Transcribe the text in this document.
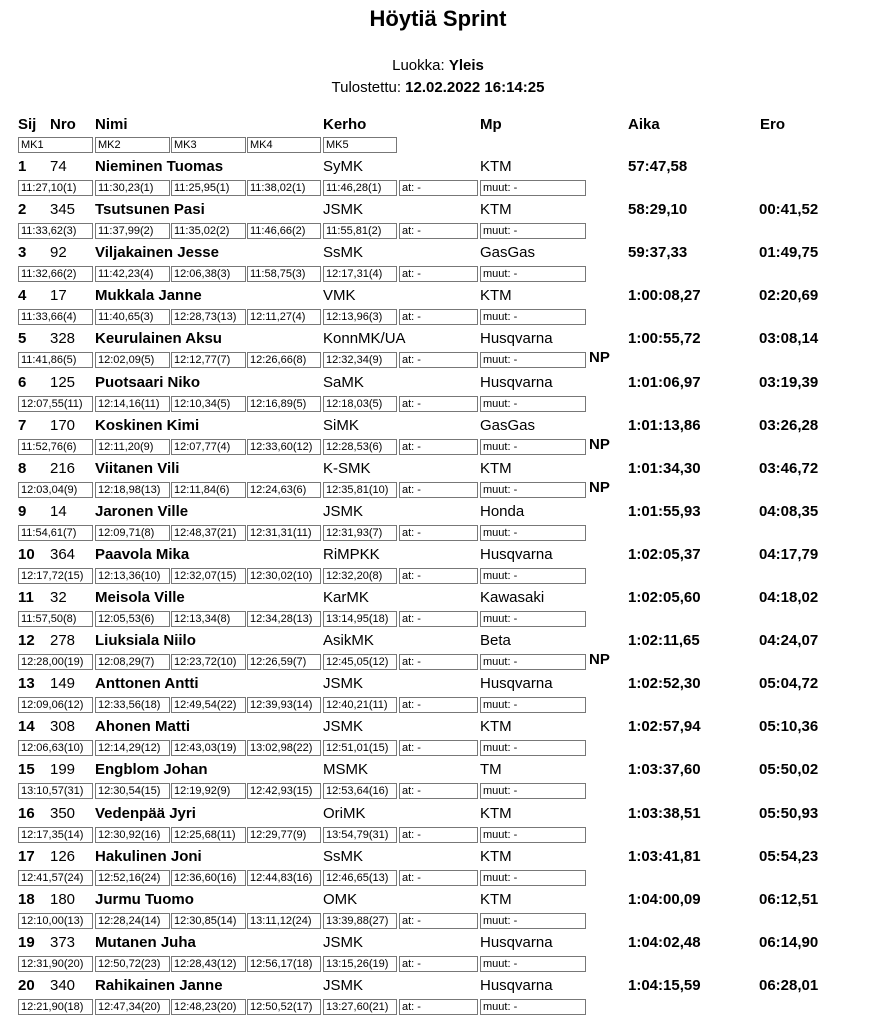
Höytiä Sprint
Luokka: Yleis
Tulostettu: 12.02.2022 16:14:25
Sij Nro Nimi	Kerho	Mp	Aika	Ero
MK1	MK2	MK3	MK4	MK5
1 74 Nieminen Tuomas	SyMK	KTM	57:47,58
11:27,10(1)	11:30,23(1)	11:25,95(1)	11:38,02(1)	11:46,28(1)	at: -	muut: -
2 345 Tsutsunen Pasi	JSMK	KTM	58:29,10	00:41,52
11:33,62(3)	11:37,99(2)	11:35,02(2)	11:46,66(2)	11:55,81(2)	at: -	muut: -
3 92 Viljakainen Jesse	SsMK	GasGas	59:37,33	01:49,75
11:32,66(2)	11:42,23(4)	12:06,38(3)	11:58,75(3)	12:17,31(4)	at: -	muut: -
4 17 Mukkala Janne	VMK	KTM	1:00:08,27	02:20,69
11:33,66(4)	11:40,65(3)	12:28,73(13)	12:11,27(4)	12:13,96(3)	at: -	muut: -
5 328 Keurulainen Aksu	KonnMK/UA	Husqvarna	1:00:55,72	03:08,14
11:41,86(5)	12:02,09(5)	12:12,77(7)	12:26,66(8)	12:32,34(9)	at: -	muut: -	NP
6 125 Puotsaari Niko	SaMK	Husqvarna	1:01:06,97	03:19,39
12:07,55(11)	12:14,16(11)	12:10,34(5)	12:16,89(5)	12:18,03(5)	at: -	muut: -
7 170 Koskinen Kimi	SiMK	GasGas	1:01:13,86	03:26,28
11:52,76(6)	12:11,20(9)	12:07,77(4)	12:33,60(12)	12:28,53(6)	at: -	muut: -	NP
8 216 Viitanen Vili	K-SMK	KTM	1:01:34,30	03:46,72
12:03,04(9)	12:18,98(13)	12:11,84(6)	12:24,63(6)	12:35,81(10)	at: -	muut: -	NP
9 14 Jaronen Ville	JSMK	Honda	1:01:55,93	04:08,35
11:54,61(7)	12:09,71(8)	12:48,37(21)	12:31,31(11)	12:31,93(7)	at: -	muut: -
10 364 Paavola Mika	RiMPKK	Husqvarna	1:02:05,37	04:17,79
12:17,72(15)	12:13,36(10)	12:32,07(15)	12:30,02(10)	12:32,20(8)	at: -	muut: -
11 32 Meisola Ville	KarMK	Kawasaki	1:02:05,60	04:18,02
11:57,50(8)	12:05,53(6)	12:13,34(8)	12:34,28(13)	13:14,95(18)	at: -	muut: -
12 278 Liuksiala Niilo	AsikMK	Beta	1:02:11,65	04:24,07
12:28,00(19)	12:08,29(7)	12:23,72(10)	12:26,59(7)	12:45,05(12)	at: -	muut: -	NP
13 149 Anttonen Antti	JSMK	Husqvarna	1:02:52,30	05:04,72
12:09,06(12)	12:33,56(18)	12:49,54(22)	12:39,93(14)	12:40,21(11)	at: -	muut: -
14 308 Ahonen Matti	JSMK	KTM	1:02:57,94	05:10,36
12:06,63(10)	12:14,29(12)	12:43,03(19)	13:02,98(22)	12:51,01(15)	at: -	muut: -
15 199 Engblom Johan	MSMK	TM	1:03:37,60	05:50,02
13:10,57(31)	12:30,54(15)	12:19,92(9)	12:42,93(15)	12:53,64(16)	at: -	muut: -
16 350 Vedenpää Jyri	OriMK	KTM	1:03:38,51	05:50,93
12:17,35(14)	12:30,92(16)	12:25,68(11)	12:29,77(9)	13:54,79(31)	at: -	muut: -
17 126 Hakulinen Joni	SsMK	KTM	1:03:41,81	05:54,23
12:41,57(24)	12:52,16(24)	12:36,60(16)	12:44,83(16)	12:46,65(13)	at: -	muut: -
18 180 Jurmu Tuomo	OMK	KTM	1:04:00,09	06:12,51
12:10,00(13)	12:28,24(14)	12:30,85(14)	13:11,12(24)	13:39,88(27)	at: -	muut: -
19 373 Mutanen Juha	JSMK	Husqvarna	1:04:02,48	06:14,90
12:31,90(20)	12:50,72(23)	12:28,43(12)	12:56,17(18)	13:15,26(19)	at: -	muut: -
20 340 Rahikainen Janne	JSMK	Husqvarna	1:04:15,59	06:28,01
12:21,90(18)	12:47,34(20)	12:48,23(20)	12:50,52(17)	13:27,60(21)	at: -	muut: -
